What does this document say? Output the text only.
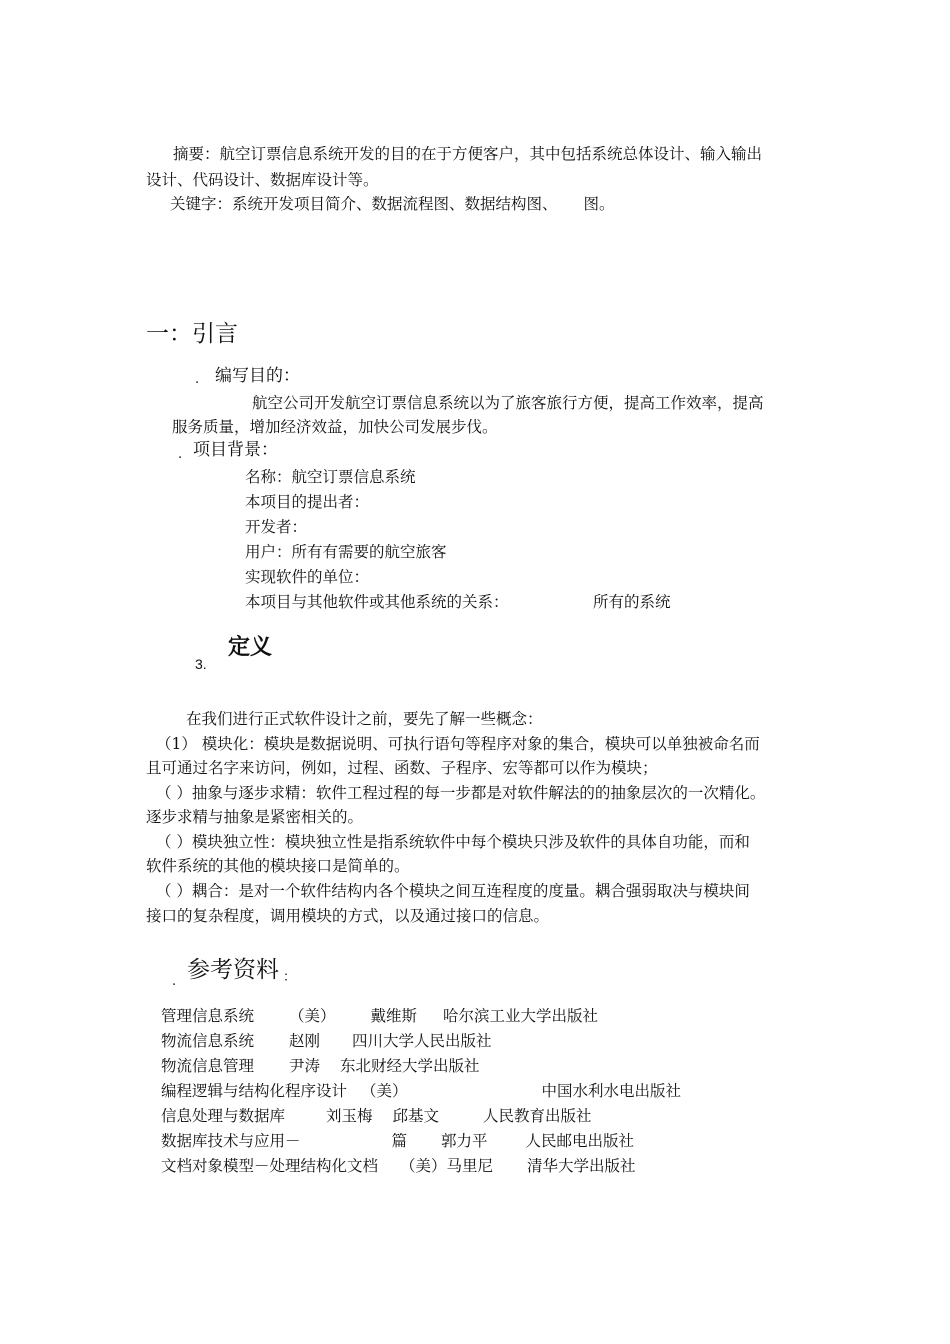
摘要：航空订票信息系统开发的目的在于方便客户，其中包括系统总体设计、输入输出
设计、代码设计、数据库设计等。
关键字：系统开发项目简介、数据流程图、数据结构图、 图。
一：引言
. 编写目的：
航空公司开发航空订票信息系统以为了旅客旅行方便，提高工作效率，提高
服务质量，增加经济效益，加快公司发展步伐。
. 项目背景：
名称：航空订票信息系统
本项目的提出者：
开发者：
用户：所有有需要的航空旅客
实现软件的单位：
本项目与其他软件或其他系统的关系：	所有的系统
3.
定义
在我们进行正式软件设计之前，要先了解一些概念：
（1） 模块化：模块是数据说明、可执行语句等程序对象的集合，模块可以单独被命名而
且可通过名字来访问，例如，过程、函数、子程序、宏等都可以作为模块；
（ ）抽象与逐步求精：软件工程过程的每一步都是对软件解法的的抽象层次的一次精化。
逐步求精与抽象是紧密相关的。
（ ）模块独立性：模块独立性是指系统软件中每个模块只涉及软件的具体自功能，而和
软件系统的其他的模块接口是简单的。
（ ）耦合：是对一个软件结构内各个模块之间互连程度的度量。耦合强弱取决与模块间
接口的复杂程度，调用模块的方式，以及通过接口的信息。
. 参考资料 ：
管理信息系统 （美） 戴维斯 哈尔滨工业大学出版社
物流信息系统 赵刚 四川大学人民出版社
物流信息管理 尹涛 东北财经大学出版社
编程逻辑与结构化程序设计 （美）	中国水利水电出版社
信息处理与数据库	刘玉梅 邱基文	人民教育出版社
数据库技术与应用－	篇 郭力平 人民邮电出版社
文档对象模型－处理结构化文档 （美）马里尼 清华大学出版社
